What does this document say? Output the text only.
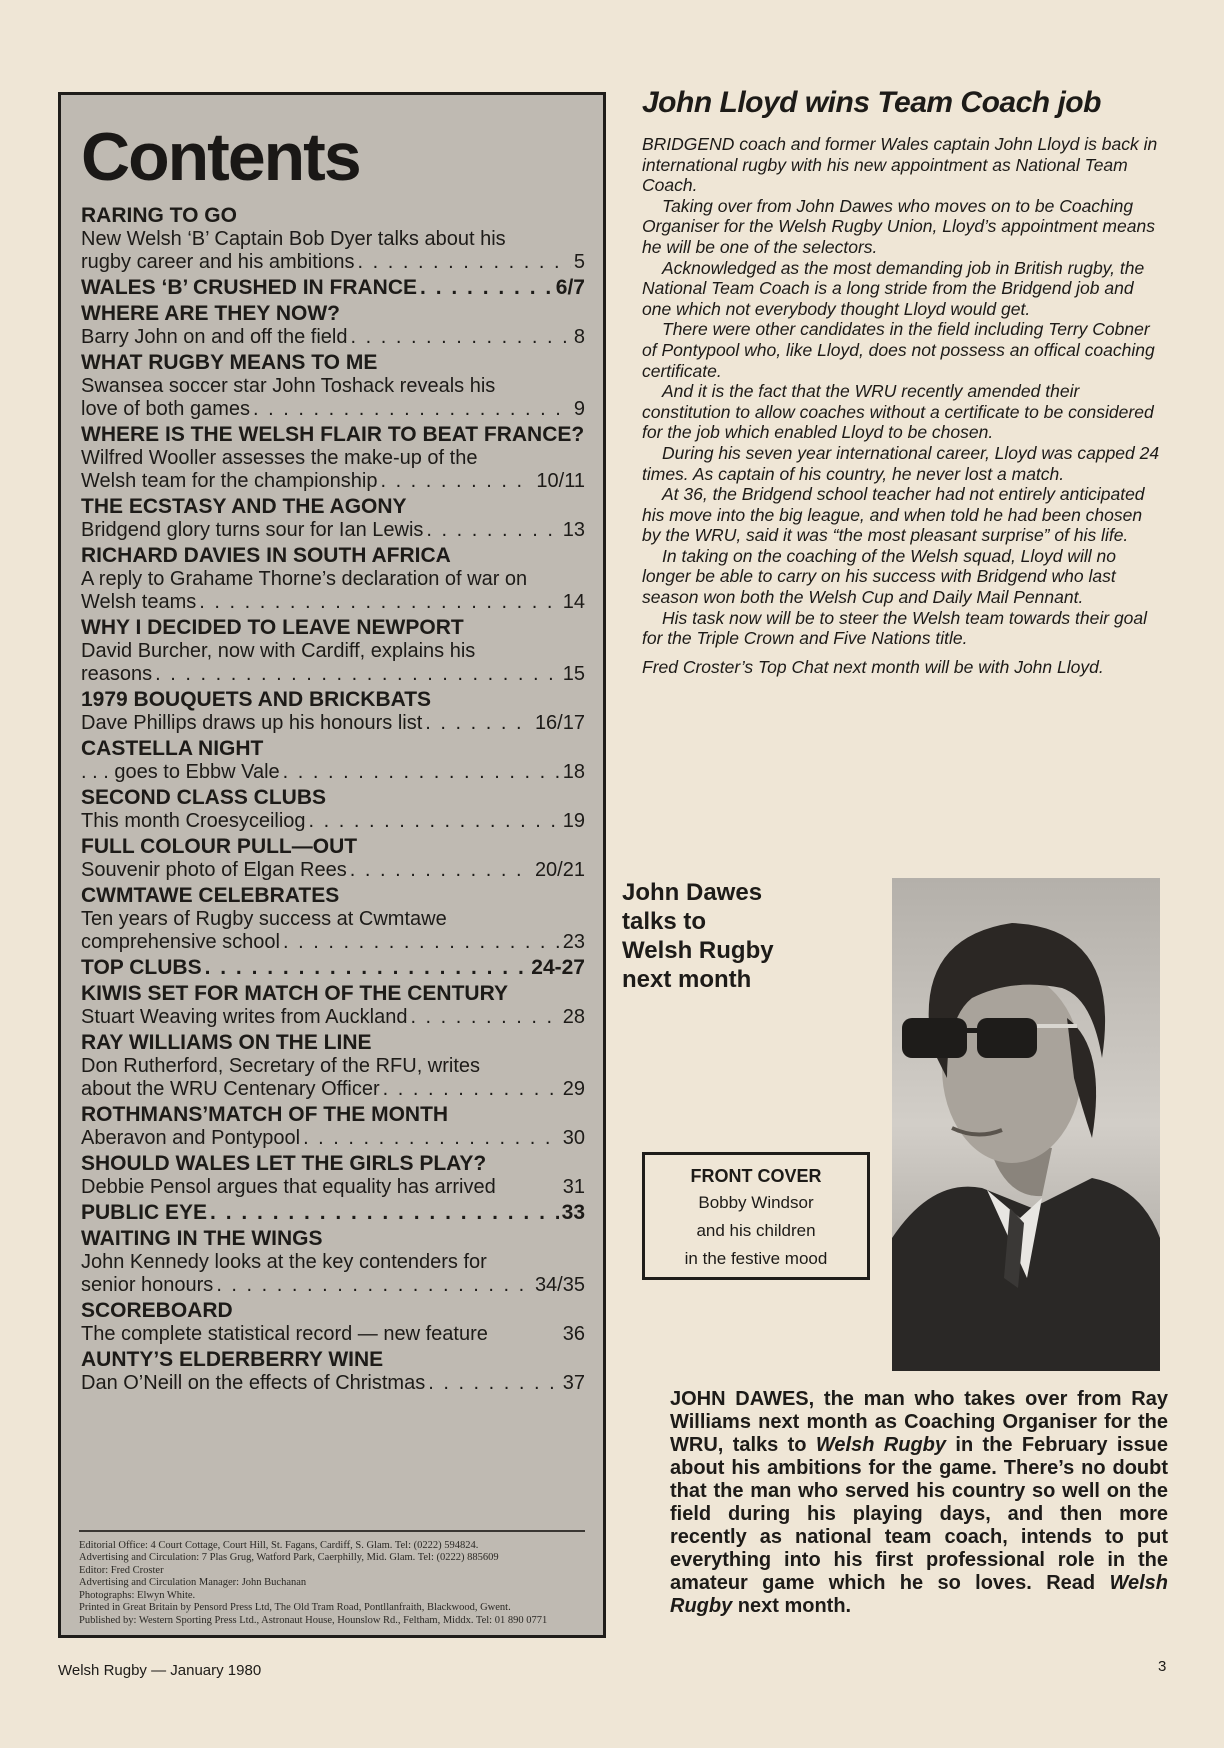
Contents
RARING TO GO
New Welsh ‘B’ Captain Bob Dyer talks about his
rugby career and his ambitions . . .	5
WALES ‘B’ CRUSHED IN FRANCE . . .	6/7
WHERE ARE THEY NOW?
Barry John on and off the field . . .	8
WHAT RUGBY MEANS TO ME
Swansea soccer star John Toshack reveals his
love of both games . . .	9
WHERE IS THE WELSH FLAIR TO BEAT FRANCE?
Wilfred Wooller assesses the make-up of the
Welsh team for the championship . . .	10/11
THE ECSTASY AND THE AGONY
Bridgend glory turns sour for Ian Lewis . . .	13
RICHARD DAVIES IN SOUTH AFRICA
A reply to Grahame Thorne’s declaration of war on
Welsh teams . . .	14
WHY I DECIDED TO LEAVE NEWPORT
David Burcher, now with Cardiff, explains his
reasons . . .	15
1979 BOUQUETS AND BRICKBATS
Dave Phillips draws up his honours list . . .	16/17
CASTELLA NIGHT
. . . goes to Ebbw Vale . . .	18
SECOND CLASS CLUBS
This month Croesyceiliog . . .	19
FULL COLOUR PULL—OUT
Souvenir photo of Elgan Rees . . .	20/21
CWMTAWE CELEBRATES
Ten years of Rugby success at Cwmtawe
comprehensive school . . .	23
TOP CLUBS . . .	24-27
KIWIS SET FOR MATCH OF THE CENTURY
Stuart Weaving writes from Auckland . . .	28
RAY WILLIAMS ON THE LINE
Don Rutherford, Secretary of the RFU, writes
about the WRU Centenary Officer . . .	29
ROTHMANS’MATCH OF THE MONTH
Aberavon and Pontypool . . .	30
SHOULD WALES LET THE GIRLS PLAY?
Debbie Pensol argues that equality has arrived	31
PUBLIC EYE . . .	33
WAITING IN THE WINGS
John Kennedy looks at the key contenders for
senior honours . . .	34/35
SCOREBOARD
The complete statistical record — new feature	36
AUNTY’S ELDERBERRY WINE
Dan O’Neill on the effects of Christmas . . .	37
Editorial Office: 4 Court Cottage, Court Hill, St. Fagans, Cardiff, S. Glam. Tel: (0222) 594824.
Advertising and Circulation: 7 Plas Grug, Watford Park, Caerphilly, Mid. Glam. Tel: (0222) 885609
Editor: Fred Croster
Advertising and Circulation Manager: John Buchanan
Photographs: Elwyn White.
Printed in Great Britain by Pensord Press Ltd, The Old Tram Road, Pontllanfraith, Blackwood, Gwent.
Published by: Western Sporting Press Ltd., Astronaut House, Hounslow Rd., Feltham, Middx. Tel: 01 890 0771
John Lloyd wins Team Coach job

BRIDGEND coach and former Wales captain John Lloyd is back in international rugby with his new appointment as National Team Coach.

Taking over from John Dawes who moves on to be Coaching Organiser for the Welsh Rugby Union, Lloyd’s appointment means he will be one of the selectors.

Acknowledged as the most demanding job in British rugby, the National Team Coach is a long stride from the Bridgend job and one which not everybody thought Lloyd would get.

There were other candidates in the field including Terry Cobner of Pontypool who, like Lloyd, does not possess an offical coaching certificate.

And it is the fact that the WRU recently amended their constitution to allow coaches without a certificate to be considered for the job which enabled Lloyd to be chosen.

During his seven year international career, Lloyd was capped 24 times. As captain of his country, he never lost a match.

At 36, the Bridgend school teacher had not entirely anticipated his move into the big league, and when told he had been chosen by the WRU, said it was “the most pleasant surprise” of his life.

In taking on the coaching of the Welsh squad, Lloyd will no longer be able to carry on his success with Bridgend who last season won both the Welsh Cup and Daily Mail Pennant.

His task now will be to steer the Welsh team towards their goal for the Triple Crown and Five Nations title.

Fred Croster’s Top Chat next month will be with John Lloyd.

John Dawes
talks to
Welsh Rugby
next month
FRONT COVER
Bobby Windsor
and his children
in the festive mood
JOHN DAWES, the man who takes over from Ray Williams next month as Coaching Organiser for the WRU, talks to Welsh Rugby in the February issue about his ambitions for the game. There’s no doubt that the man who served his country so well on the field during his playing days, and then more recently as national team coach, intends to put everything into his first professional role in the amateur game which he so loves. Read Welsh Rugby next month.
Welsh Rugby — January 1980	3
